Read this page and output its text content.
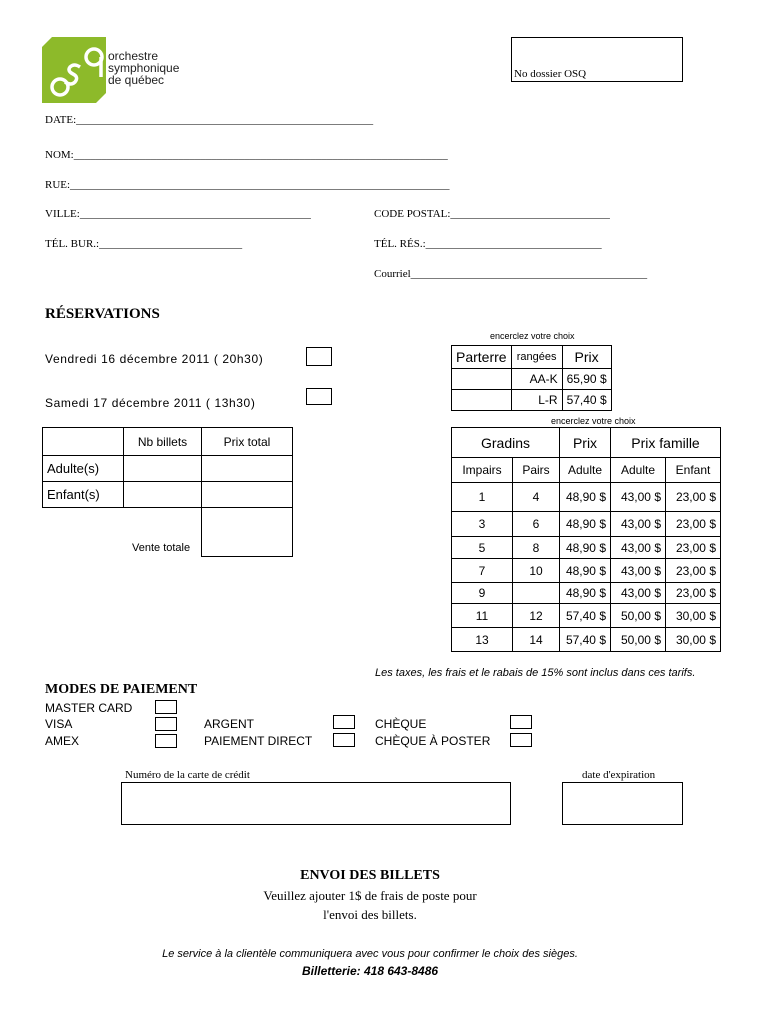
orchestre
symphonique
de québec	No dossier OSQ
DATE:______________________________________________________
NOM:____________________________________________________________________
RUE:_____________________________________________________________________
VILLE:__________________________________________	CODE POSTAL:_____________________________
TÉL. BUR.:__________________________	TÉL. RÉS.:________________________________
Courriel___________________________________________
RÉSERVATIONS
Vendredi 16 décembre 2011 ( 20h30)
Samedi 17 décembre 2011 ( 13h30)
encerclez votre choix
Parterre	rangées	Prix
	AA-K	65,90 $
	L-R	57,40 $
encerclez votre choix
	Nb billets	Prix total
Adulte(s)		
Enfant(s)		
Vente totale
Gradins		Prix	Prix famille	
Impairs	Pairs	Adulte	Adulte	Enfant
1	4	48,90 $	43,00 $	23,00 $
3	6	48,90 $	43,00 $	23,00 $
5	8	48,90 $	43,00 $	23,00 $
7	10	48,90 $	43,00 $	23,00 $
9		48,90 $	43,00 $	23,00 $
11	12	57,40 $	50,00 $	30,00 $
13	14	57,40 $	50,00 $	30,00 $
Les taxes, les frais et le rabais de 15% sont inclus dans ces tarifs.
MODES DE PAIEMENT
MASTER CARD
VISA
AMEX
ARGENT
PAIEMENT DIRECT
CHÈQUE
CHÈQUE À POSTER
Numéro de la carte de crédit	date d'expiration
ENVOI DES BILLETS
Veuillez ajouter 1$ de frais de poste pour
l'envoi des billets.
Le service à la clientèle communiquera avec vous pour confirmer le choix des sièges.
Billetterie: 418 643-8486
